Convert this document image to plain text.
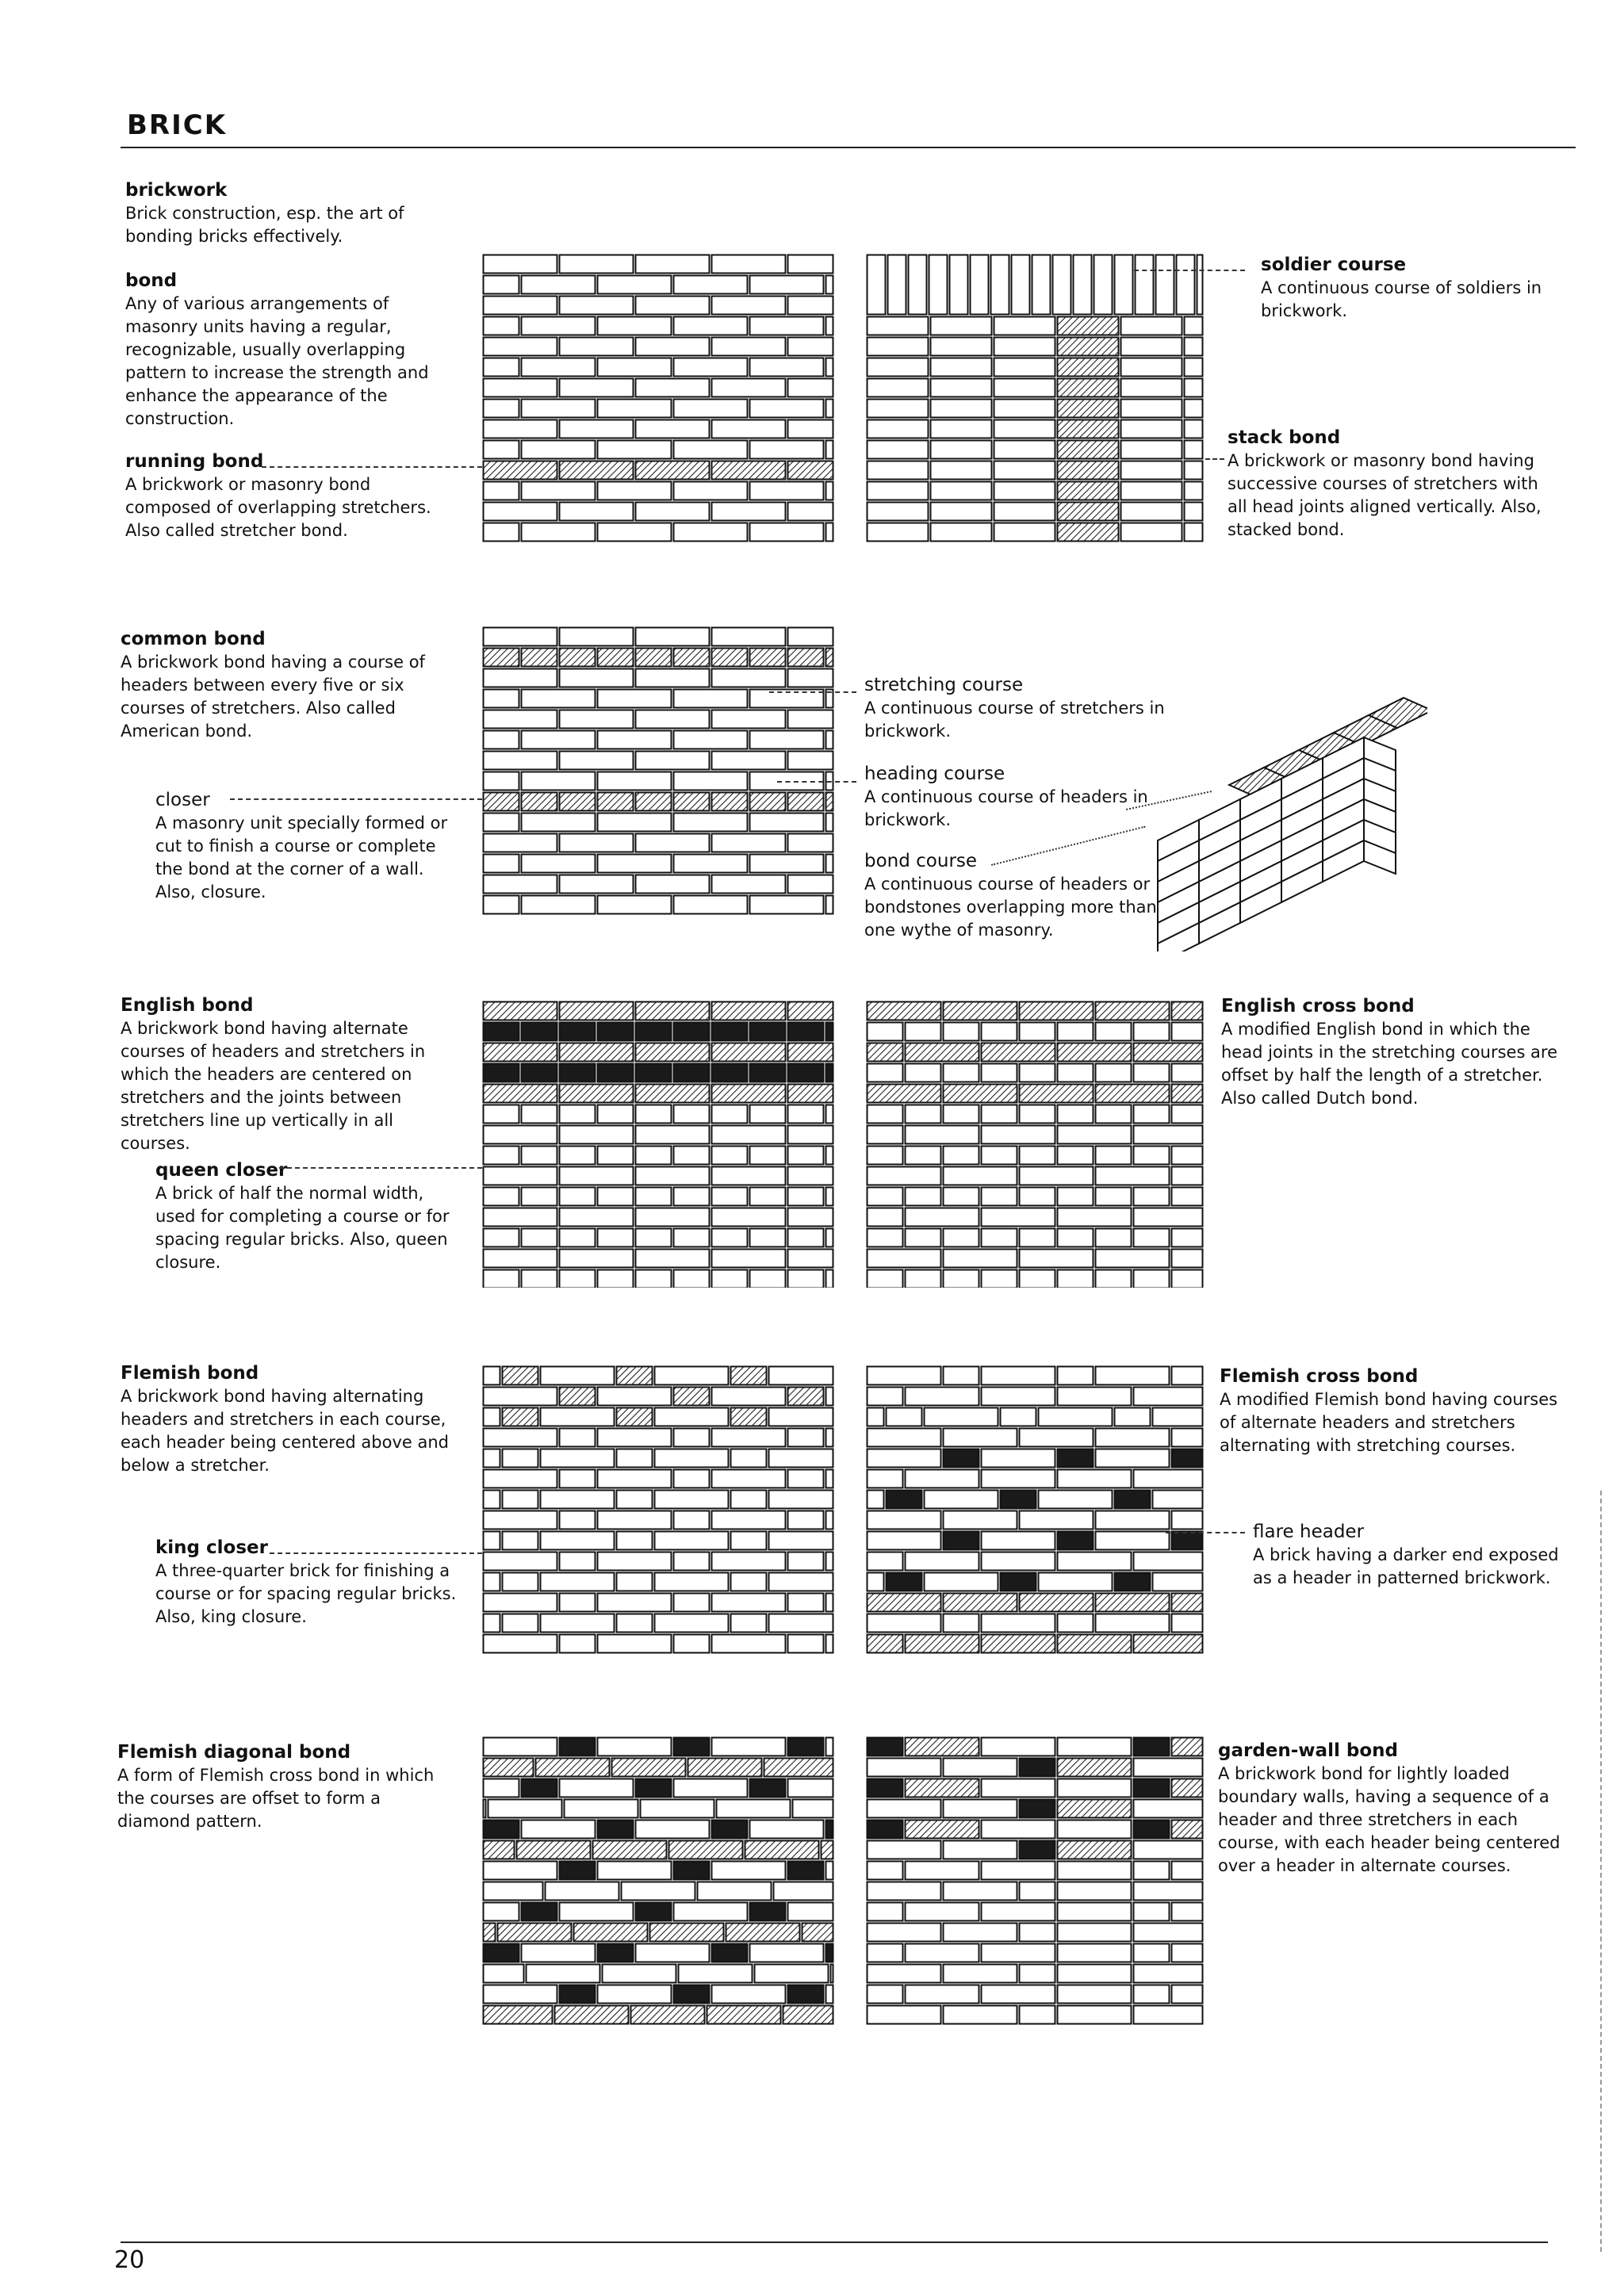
BRICK
brickwork
Brick construction, esp. the art of bonding bricks effectively.
bond
Any of various arrangements of masonry units having a regular, recognizable, usually overlapping pattern to increase the strength and enhance the appearance of the construction.
running bond
A brickwork or masonry bond composed of overlapping stretchers. Also called stretcher bond.
soldier course
A continuous course of soldiers in brickwork.
stack bond
A brickwork or masonry bond having successive courses of stretchers with all head joints aligned vertically. Also, stacked bond.
common bond
A brickwork bond having a course of headers between every five or six courses of stretchers. Also called American bond.
closer
A masonry unit specially formed or cut to finish a course or complete the bond at the corner of a wall. Also, closure.
stretching course
A continuous course of stretchers in brickwork.
heading course
A continuous course of headers in brickwork.
bond course
A continuous course of headers or bondstones overlapping more than one wythe of masonry.
English bond
A brickwork bond having alternate courses of headers and stretchers in which the headers are centered on stretchers and the joints between stretchers line up vertically in all courses.
queen closer
A brick of half the normal width, used for completing a course or for spacing regular bricks. Also, queen closure.
English cross bond
A modified English bond in which the head joints in the stretching courses are offset by half the length of a stretcher. Also called Dutch bond.
Flemish bond
A brickwork bond having alternating headers and stretchers in each course, each header being centered above and below a stretcher.
king closer
A three-quarter brick for finishing a course or for spacing regular bricks. Also, king closure.
Flemish cross bond
A modified Flemish bond having courses of alternate headers and stretchers alternating with stretching courses.
flare header
A brick having a darker end exposed as a header in patterned brickwork.
Flemish diagonal bond
A form of Flemish cross bond in which the courses are offset to form a diamond pattern.
garden-wall bond
A brickwork bond for lightly loaded boundary walls, having a sequence of a header and three stretchers in each course, with each header being centered over a header in alternate courses.
20
